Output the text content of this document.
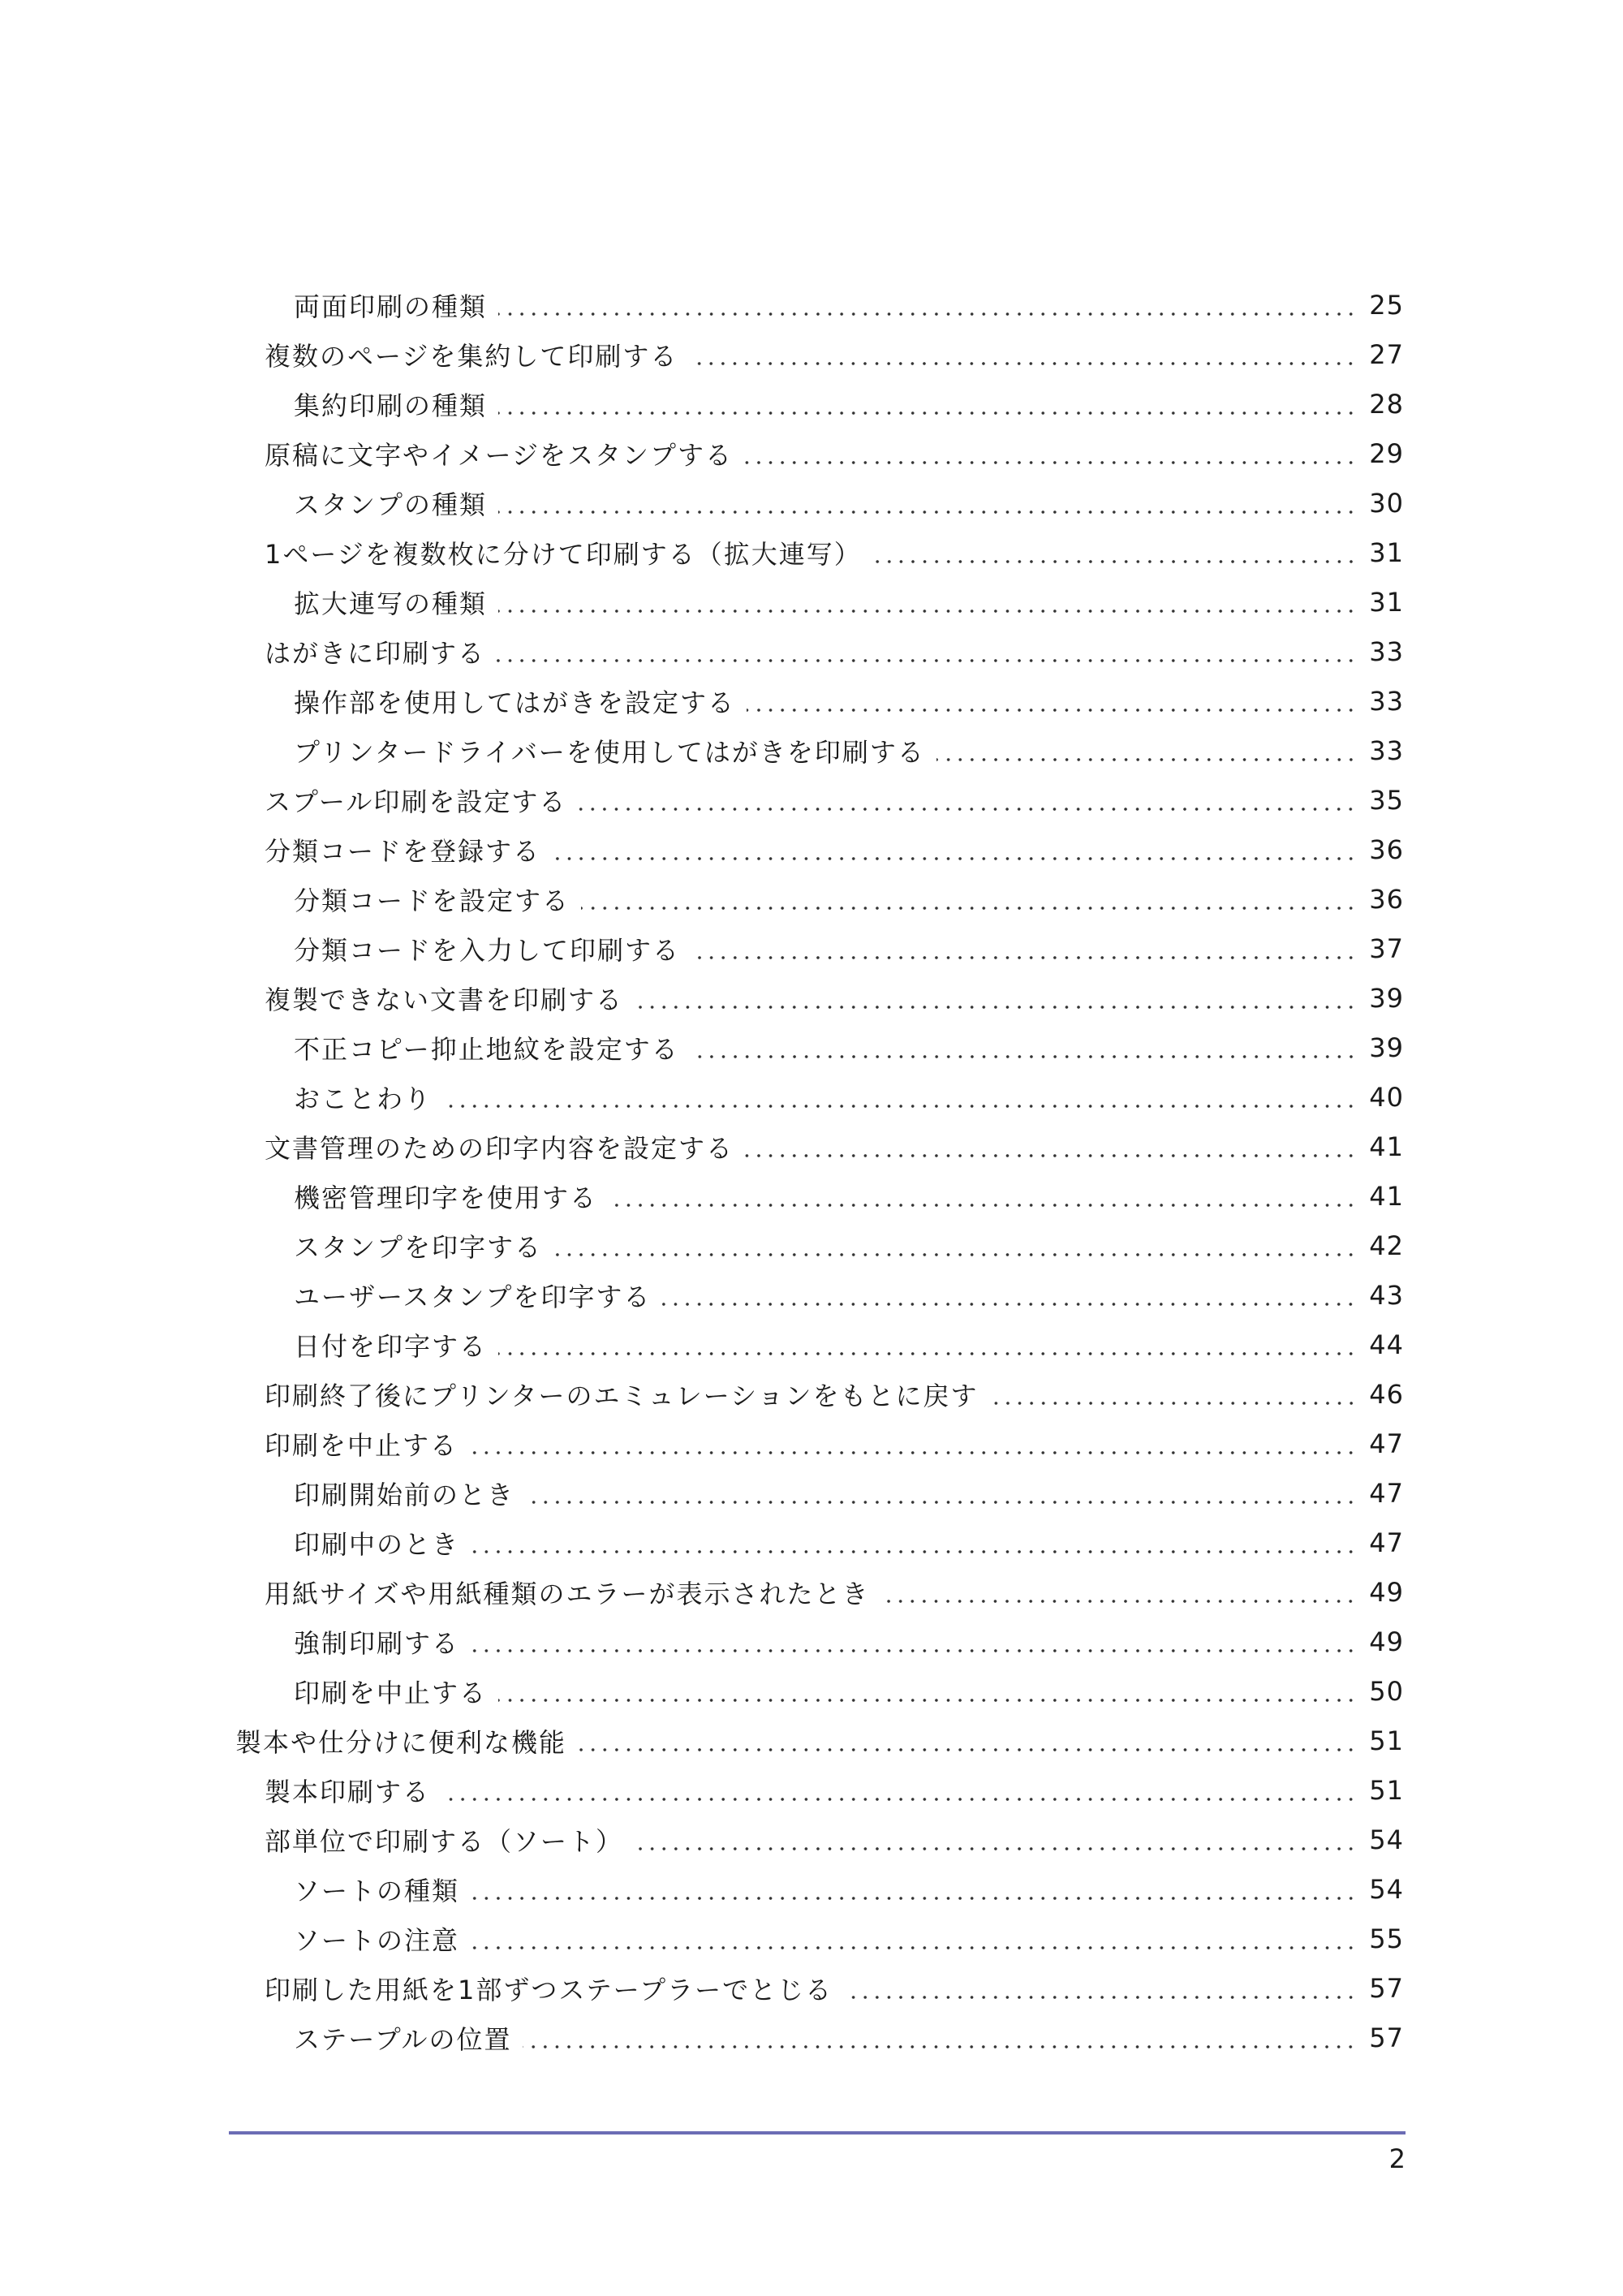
両面印刷の種類	25
複数のページを集約して印刷する	27
集約印刷の種類	28
原稿に文字やイメージをスタンプする	29
スタンプの種類	30
1ページを複数枚に分けて印刷する（拡大連写）	31
拡大連写の種類	31
はがきに印刷する	33
操作部を使用してはがきを設定する	33
プリンタードライバーを使用してはがきを印刷する	33
スプール印刷を設定する	35
分類コードを登録する	36
分類コードを設定する	36
分類コードを入力して印刷する	37
複製できない文書を印刷する	39
不正コピー抑止地紋を設定する	39
おことわり	40
文書管理のための印字内容を設定する	41
機密管理印字を使用する	41
スタンプを印字する	42
ユーザースタンプを印字する	43
日付を印字する	44
印刷終了後にプリンターのエミュレーションをもとに戻す	46
印刷を中止する	47
印刷開始前のとき	47
印刷中のとき	47
用紙サイズや用紙種類のエラーが表示されたとき	49
強制印刷する	49
印刷を中止する	50
製本や仕分けに便利な機能	51
製本印刷する	51
部単位で印刷する（ソート）	54
ソートの種類	54
ソートの注意	55
印刷した用紙を1部ずつステープラーでとじる	57
ステープルの位置	57
2
